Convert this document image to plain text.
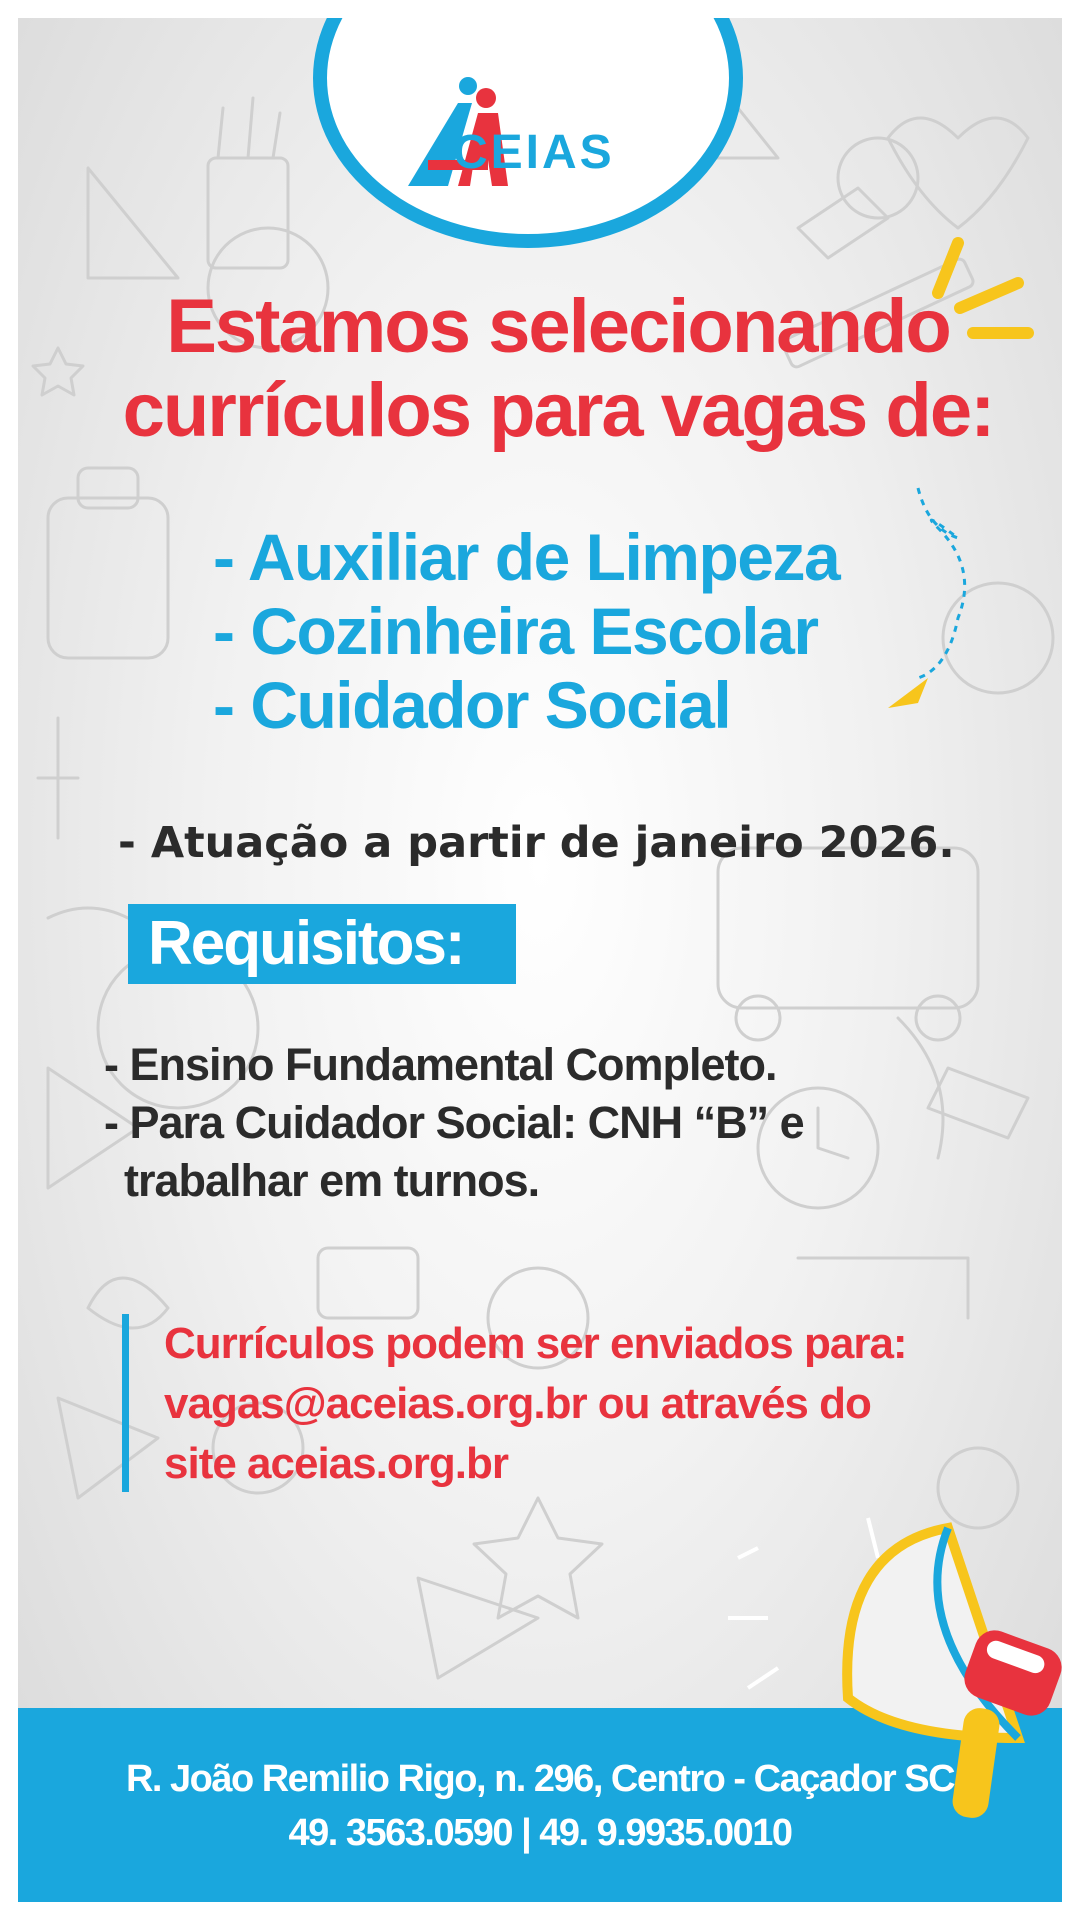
CEIAS
Estamos selecionando
currículos para vagas de:
- Auxiliar de Limpeza
- Cozinheira Escolar
- Cuidador Social
- Atuação a partir de janeiro 2026.
Requisitos:
- Ensino Fundamental Completo.
- Para Cuidador Social: CNH “B” e
trabalhar em turnos.
Currículos podem ser enviados para:
vagas@aceias.org.br ou através do
site aceias.org.br
R. João Remilio Rigo, n. 296, Centro - Caçador SC
49. 3563.0590 | 49. 9.9935.0010
